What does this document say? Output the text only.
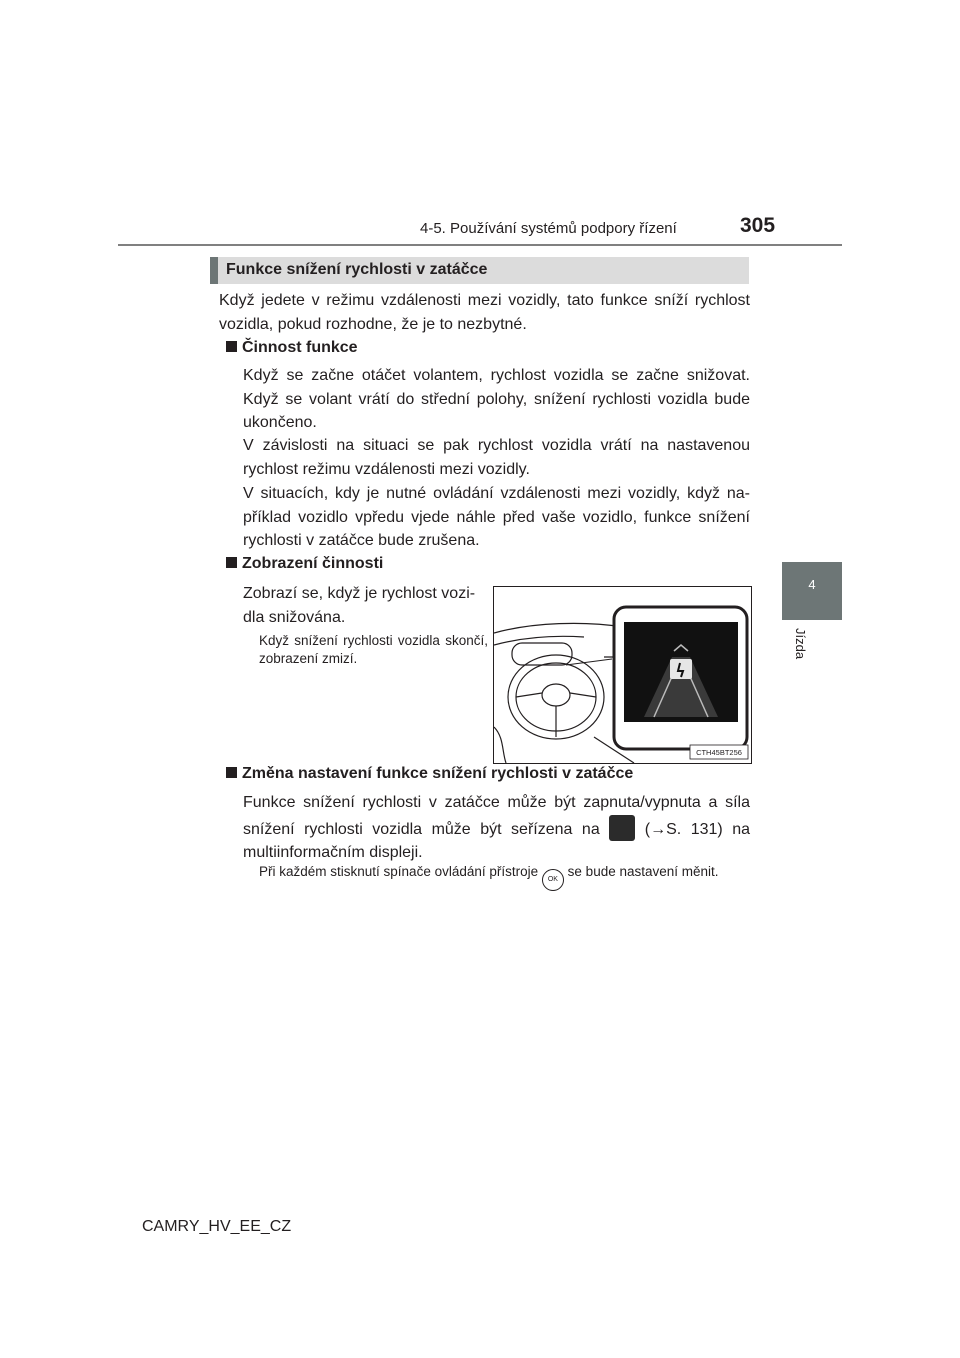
4-5. Používání systémů podpory řízení	305
4
Jízda
Funkce snížení rychlosti v zatáčce
Když jedete v režimu vzdálenosti mezi vozidly, tato funkce sníží rychlost vozidla, pokud rozhodne, že je to nezbytné.
Činnost funkce
Když se začne otáčet volantem, rychlost vozidla se začne snižovat. Když se volant vrátí do střední polohy, snížení rychlosti vozidla bude ukončeno.
V závislosti na situaci se pak rychlost vozidla vrátí na nastavenou rychlost režimu vzdálenosti mezi vozidly.
V situacích, kdy je nutné ovládání vzdálenosti mezi vozidly, když na-příklad vozidlo vpředu vjede náhle před vaše vozidlo, funkce snížení rychlosti v zatáčce bude zrušena.
Zobrazení činnosti
Zobrazí se, když je rychlost vozi-dla snižována.
Když snížení rychlosti vozidla skončí, zobrazení zmizí.
CTH45BT256
Změna nastavení funkce snížení rychlosti v zatáčce
Funkce snížení rychlosti v zatáčce může být zapnuta/vypnuta a síla snížení rychlosti vozidla může být seřízena na	(→S. 131) na multiinformačním displeji.
Při každém stisknutí spínače ovládání přístroje OK se bude nastavení měnit.
CAMRY_HV_EE_CZ
